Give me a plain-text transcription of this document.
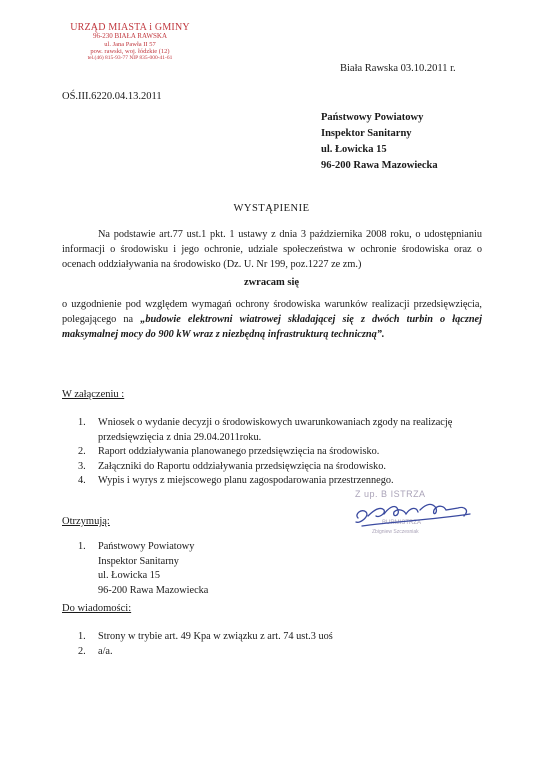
URZĄD MIASTA i GMINY
96-230 BIAŁA RAWSKA
ul. Jana Pawła II 57
pow. rawski, woj. łódzkie (12)
tel.(46) 815-93-77 NIP 835-000-41-61
Biała Rawska 03.10.2011 r.
OŚ.III.6220.04.13.2011
Państwowy Powiatowy
Inspektor Sanitarny
ul. Łowicka 15
96-200 Rawa Mazowiecka
WYSTĄPIENIE
Na podstawie art.77 ust.1 pkt. 1 ustawy z dnia 3 października 2008 roku, o udostępnianiu informacji o środowisku i jego ochronie, udziale społeczeństwa w ochronie środowiska oraz o ocenach oddziaływania na środowisko (Dz. U. Nr 199, poz.1227 ze zm.)
zwracam się
o uzgodnienie pod względem wymagań ochrony środowiska warunków realizacji przedsięwzięcia, polegającego na „budowie elektrowni wiatrowej składającej się z dwóch turbin o łącznej maksymalnej mocy do 900 kW wraz z niezbędną infrastrukturą techniczną”.
W załączeniu :
1. Wniosek o wydanie decyzji o środowiskowych uwarunkowaniach zgody na realizację przedsięwzięcia z dnia 29.04.2011roku.
2. Raport oddziaływania planowanego przedsięwzięcia na środowisko.
3. Załączniki do Raportu oddziaływania przedsięwzięcia na środowisko.
4. Wypis i wyrys z miejscowego planu zagospodarowania przestrzennego.
Z up. B ISTRZA
BURMISTRZA
Zbigniew Szczesniak
Otrzymują:
1. Państwowy Powiatowy
Inspektor Sanitarny
ul. Łowicka 15
96-200 Rawa Mazowiecka
Do wiadomości:
1. Strony w trybie art. 49 Kpa w związku z art. 74 ust.3 uoś
2. a/a.
